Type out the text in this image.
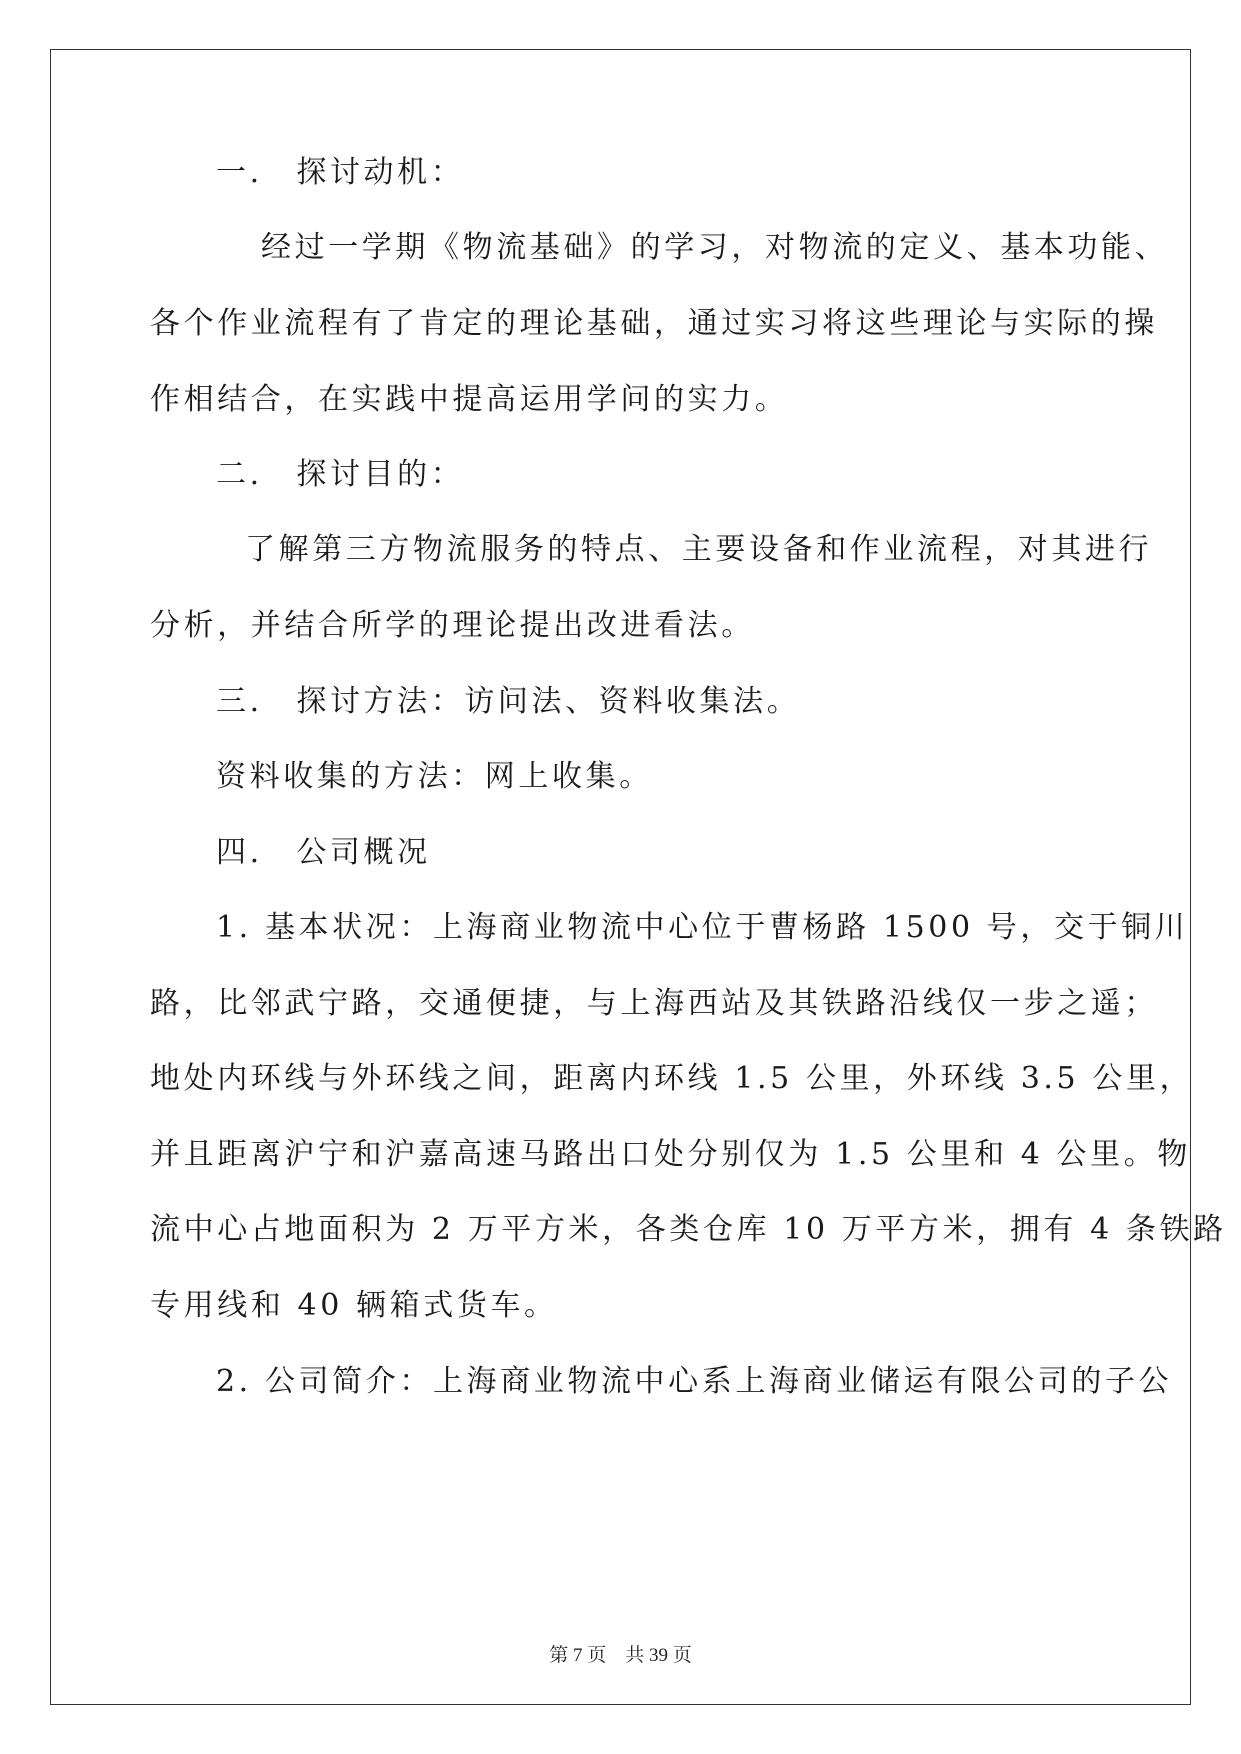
一.　探讨动机：

经过一学期《物流基础》的学习，对物流的定义、基本功能、

各个作业流程有了肯定的理论基础，通过实习将这些理论与实际的操

作相结合，在实践中提高运用学问的实力。

二.　探讨目的：

了解第三方物流服务的特点、主要设备和作业流程，对其进行

分析，并结合所学的理论提出改进看法。

三.　探讨方法：访问法、资料收集法。

资料收集的方法：网上收集。

四.　公司概况

1. 基本状况：上海商业物流中心位于曹杨路 1500 号，交于铜川

路，比邻武宁路，交通便捷，与上海西站及其铁路沿线仅一步之遥；

地处内环线与外环线之间，距离内环线 1.5 公里，外环线 3.5 公里，

并且距离沪宁和沪嘉高速马路出口处分别仅为 1.5 公里和 4 公里。物

流中心占地面积为 2 万平方米，各类仓库 10 万平方米，拥有 4 条铁路

专用线和 40 辆箱式货车。

2. 公司简介：上海商业物流中心系上海商业储运有限公司的子公

第 7 页　共 39 页
